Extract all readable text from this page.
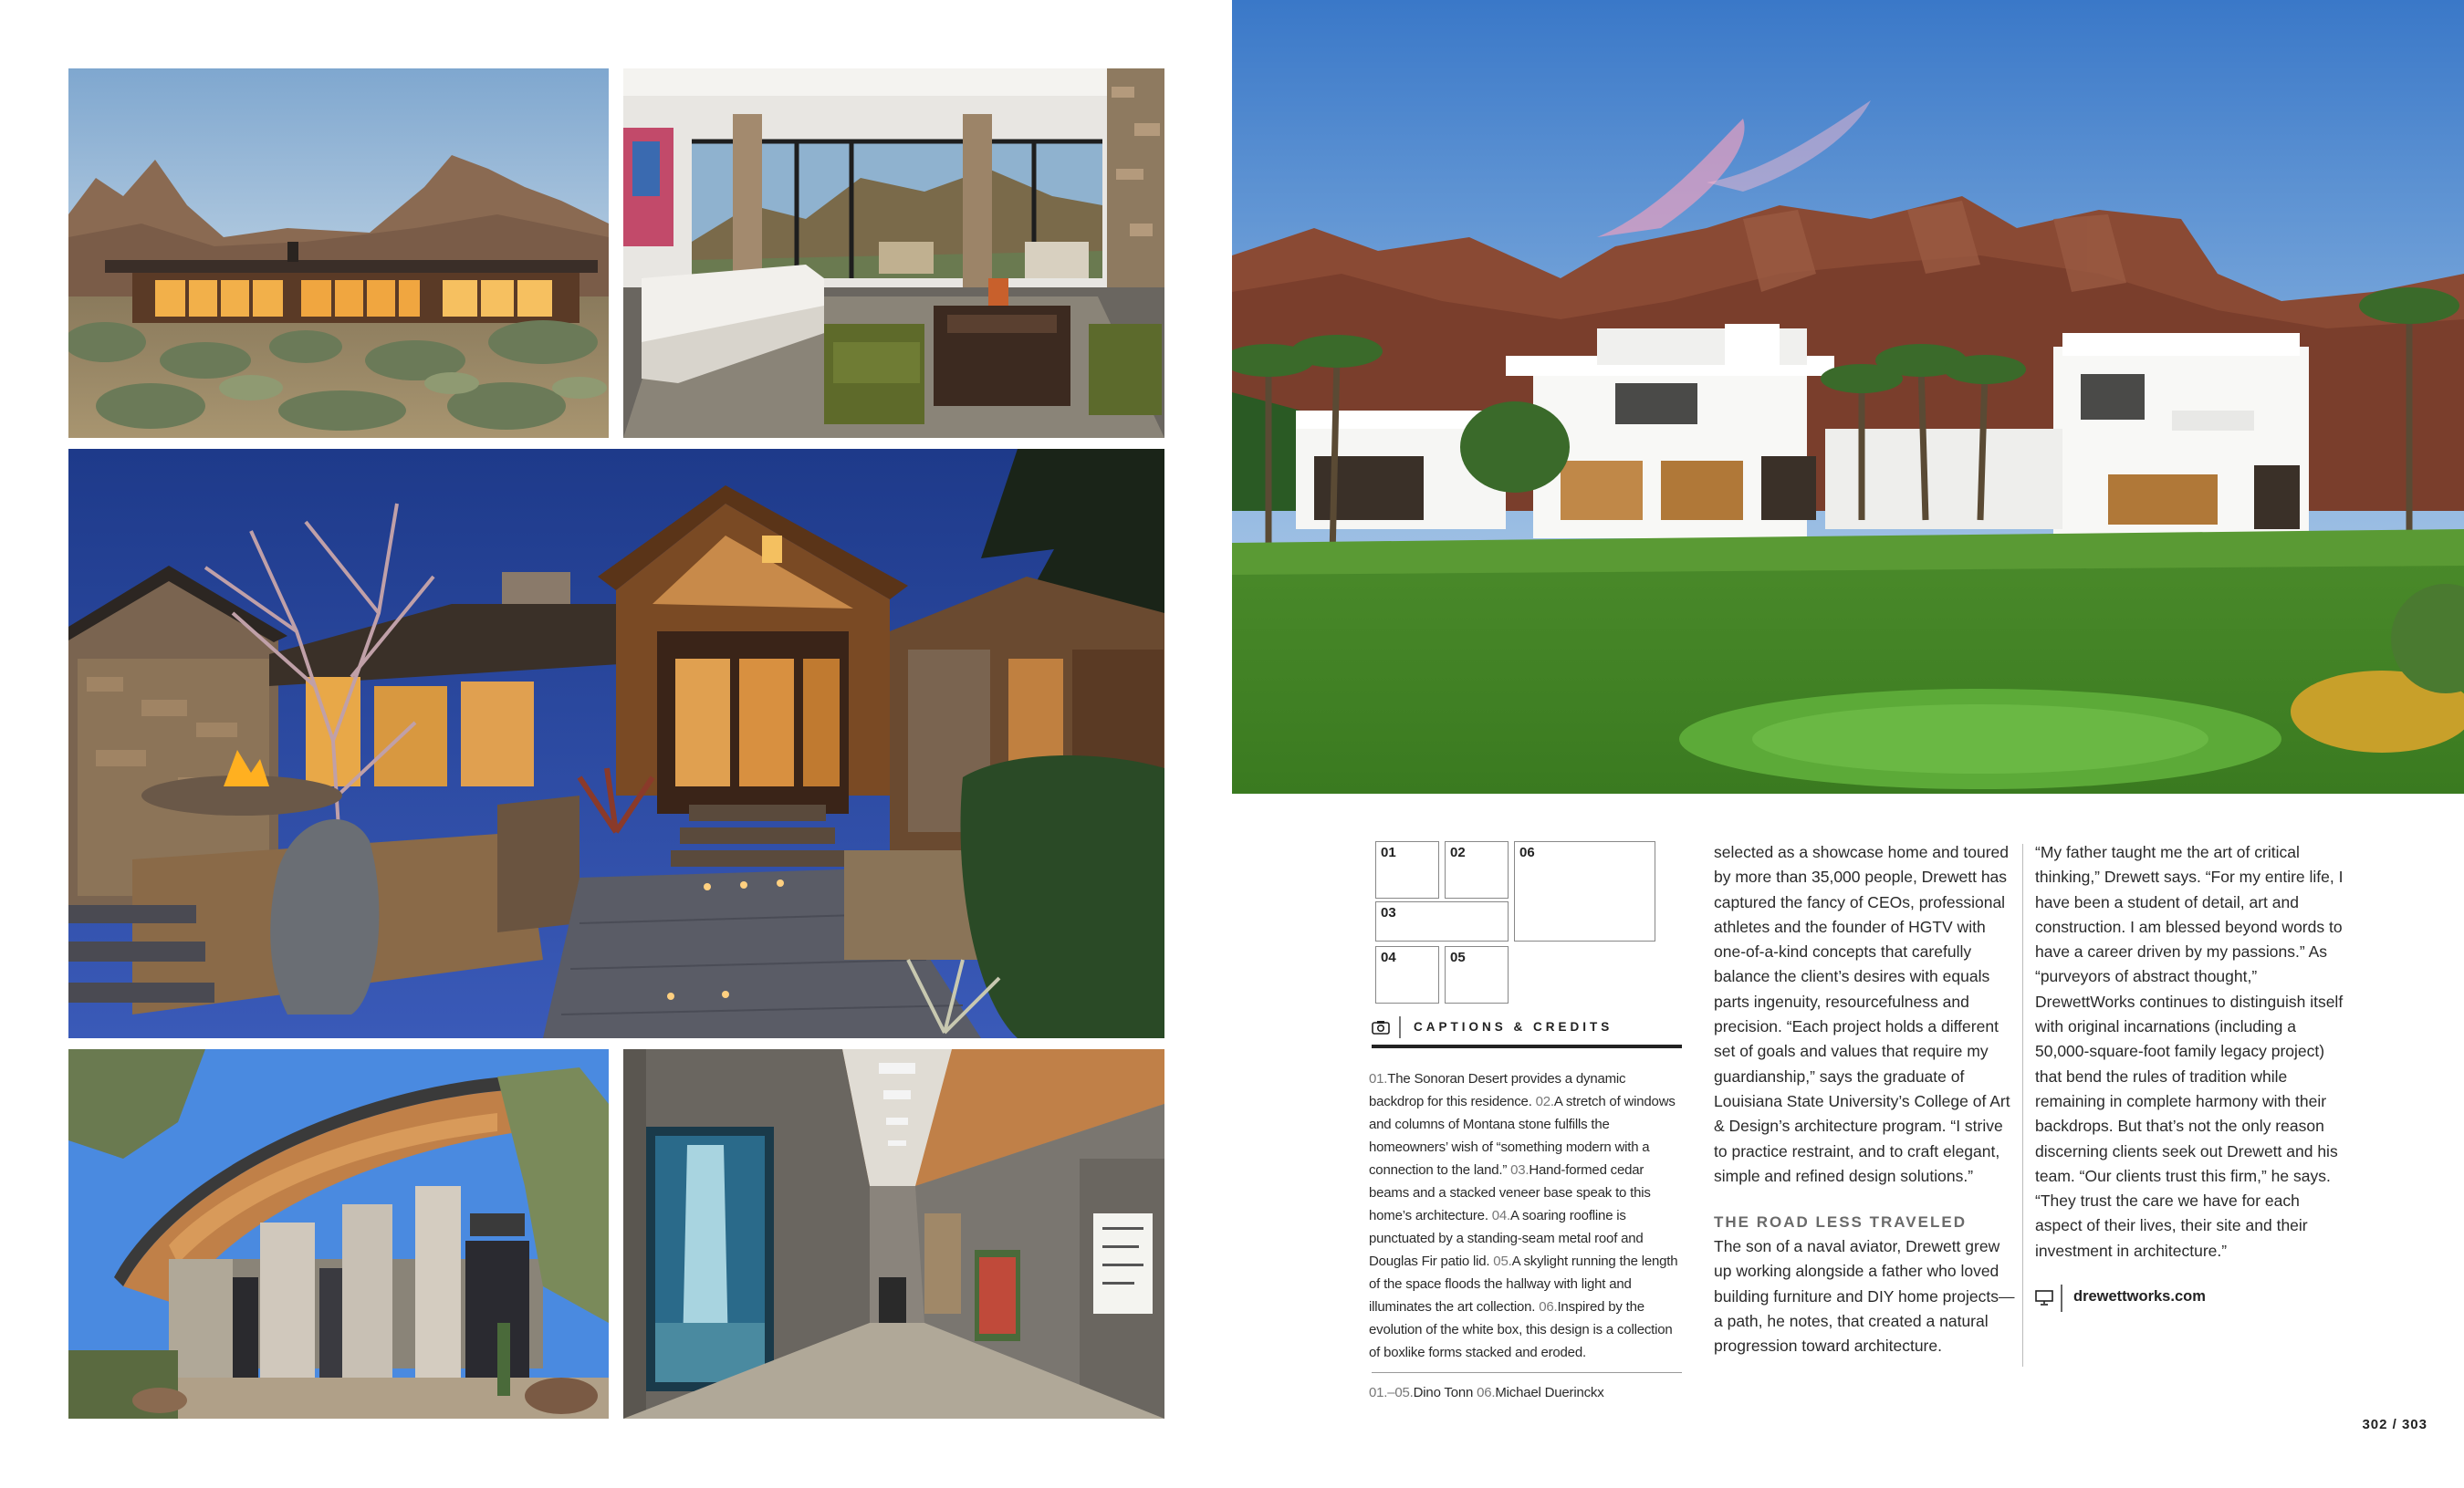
01	02	06
03
04	05
CAPTIONS & CREDITS
01.The Sonoran Desert provides a dynamic backdrop for this residence. 02.A stretch of windows and columns of Montana stone fulfills the homeowners’ wish of “something modern with a connection to the land.” 03.Hand-formed cedar beams and a stacked veneer base speak to this home’s architecture. 04.A soaring roofline is punctuated by a standing-seam metal roof and Douglas Fir patio lid. 05.A skylight running the length of the space floods the hallway with light and illuminates the art collection. 06.Inspired by the evolution of the white box, this design is a collection of boxlike forms stacked and eroded.
01.–05.Dino Tonn 06.Michael Duerinckx

selected as a showcase home and toured by more than 35,000 people, Drewett has captured the fancy of CEOs, professional athletes and the founder of HGTV with one-of-a-kind concepts that carefully balance the client’s desires with equals parts ingenuity, resourcefulness and precision. “Each project holds a different set of goals and values that require my guardianship,” says the graduate of Louisiana State University’s College of Art & Design’s architecture program. “I strive to practice restraint, and to craft elegant, simple and refined design solutions.”

THE ROAD LESS TRAVELED

The son of a naval aviator, Drewett grew up working alongside a father who loved building furniture and DIY home projects—a path, he notes, that created a natural progression toward architecture.

“My father taught me the art of critical thinking,” Drewett says. “For my entire life, I have been a student of detail, art and construction. I am blessed beyond words to have a career driven by my passions.” As “purveyors of abstract thought,” DrewettWorks continues to distinguish itself with original incarnations (including a 50,000-square-foot family legacy project) that bend the rules of tradition while remaining in complete harmony with their backdrops. But that’s not the only reason discerning clients seek out Drewett and his team. “Our clients trust this firm,” he says. “They trust the care we have for each aspect of their lives, their site and their investment in architecture.”

drewettworks.com
302 / 303
